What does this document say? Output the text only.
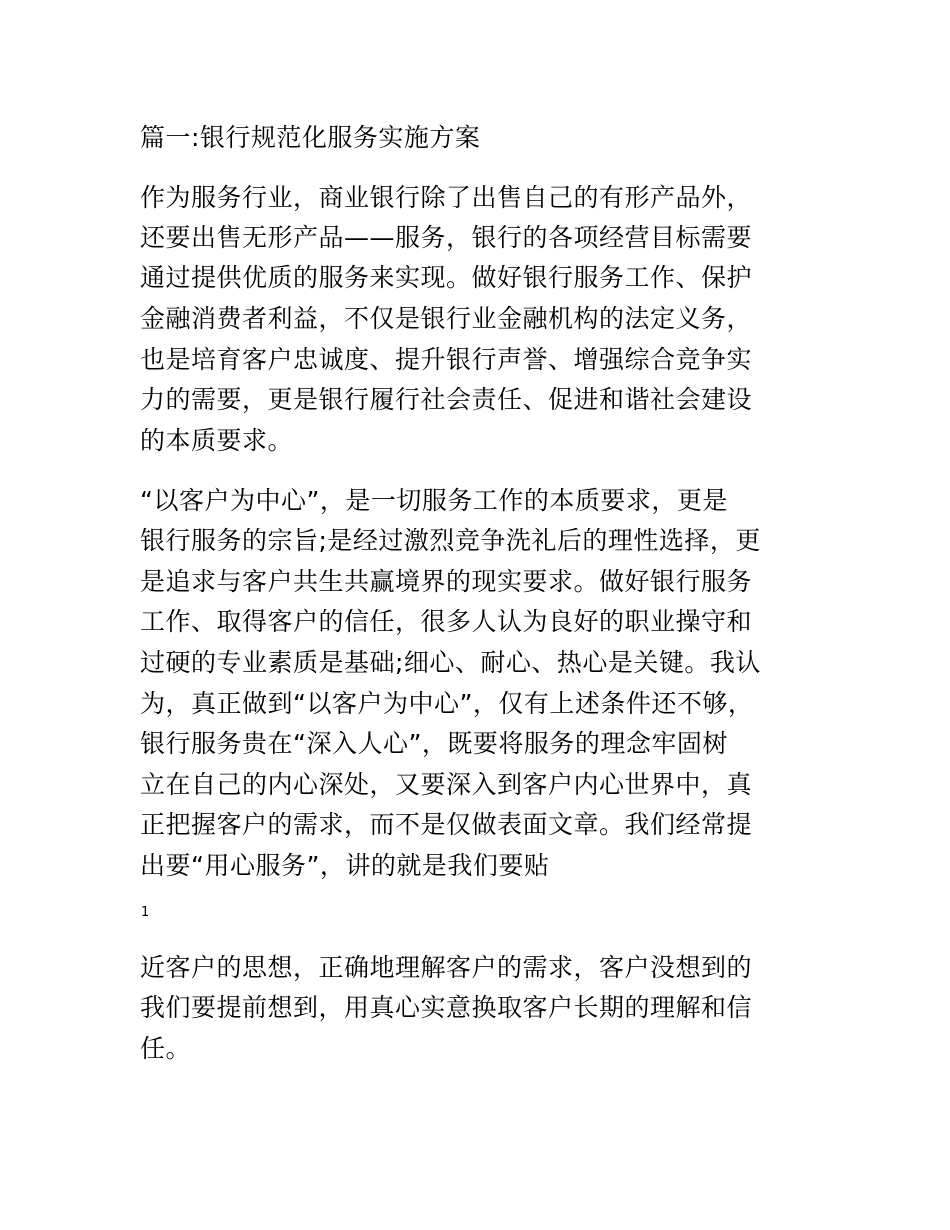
篇一:银行规范化服务实施方案
作为服务行业，商业银行除了出售自己的有形产品外，
还要出售无形产品——服务，银行的各项经营目标需要
通过提供优质的服务来实现。做好银行服务工作、保护
金融消费者利益，不仅是银行业金融机构的法定义务，
也是培育客户忠诚度、提升银行声誉、增强综合竞争实
力的需要，更是银行履行社会责任、促进和谐社会建设
的本质要求。
“以客户为中心”，是一切服务工作的本质要求，更是
银行服务的宗旨;是经过激烈竞争洗礼后的理性选择，更
是追求与客户共生共赢境界的现实要求。做好银行服务
工作、取得客户的信任，很多人认为良好的职业操守和
过硬的专业素质是基础;细心、耐心、热心是关键。我认
为，真正做到“以客户为中心”，仅有上述条件还不够，
银行服务贵在“深入人心”，既要将服务的理念牢固树
立在自己的内心深处，又要深入到客户内心世界中，真
正把握客户的需求，而不是仅做表面文章。我们经常提
出要“用心服务”，讲的就是我们要贴
1
近客户的思想，正确地理解客户的需求，客户没想到的
我们要提前想到，用真心实意换取客户长期的理解和信
任。
